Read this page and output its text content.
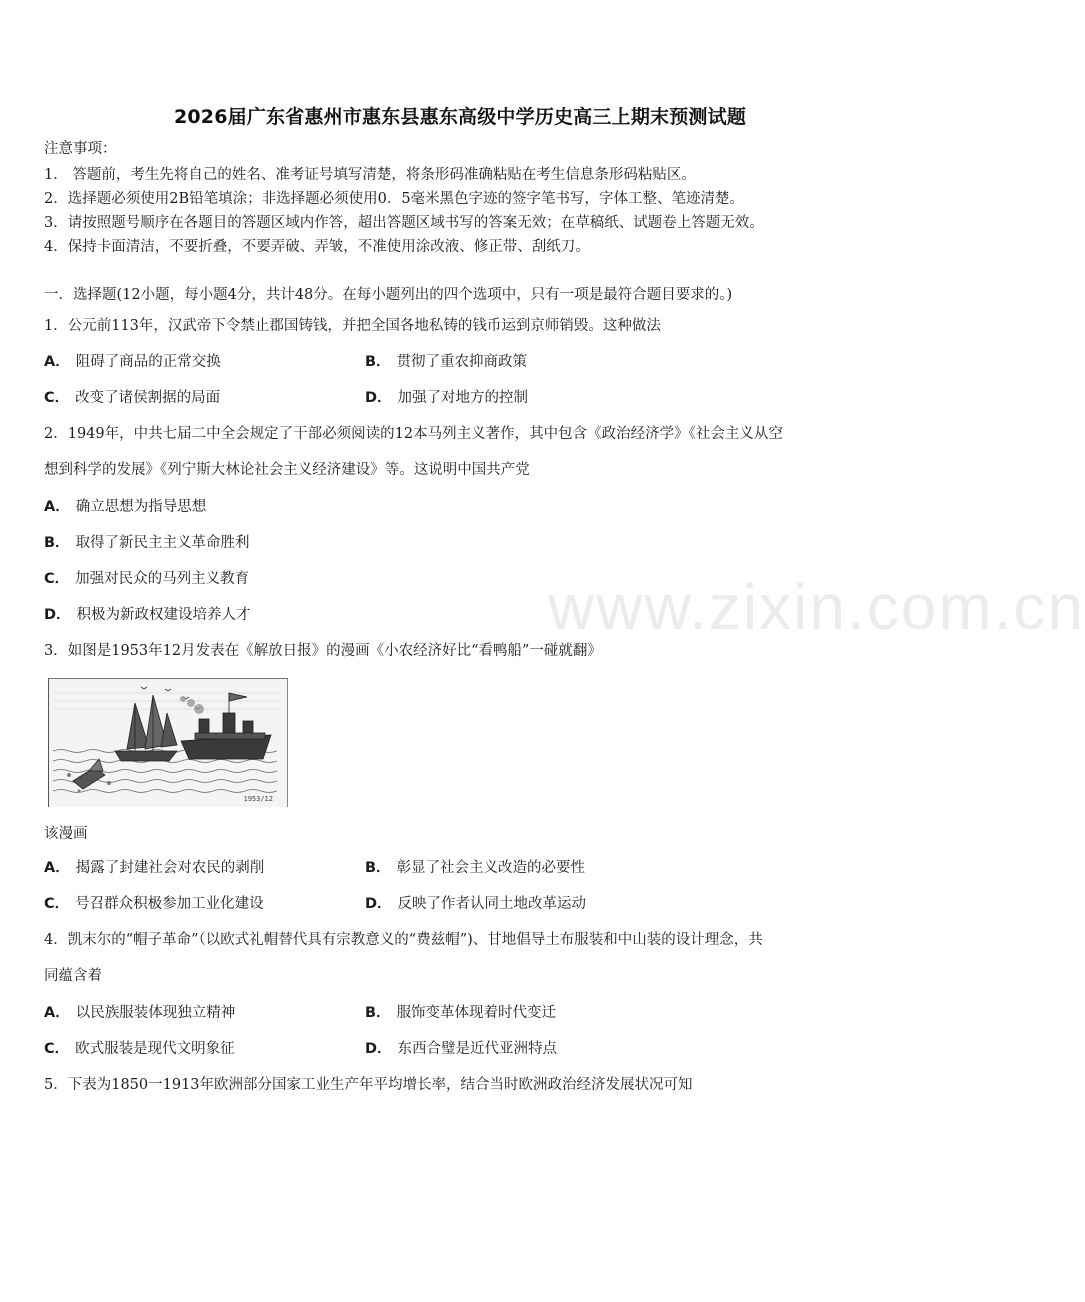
2026届广东省惠州市惠东县惠东高级中学历史高三上期末预测试题
注意事项：
1． 答题前，考生先将自己的姓名、准考证号填写清楚，将条形码准确粘贴在考生信息条形码粘贴区。
2．选择题必须使用2B铅笔填涂；非选择题必须使用0．5毫米黑色字迹的签字笔书写，字体工整、笔迹清楚。
3．请按照题号顺序在各题目的答题区域内作答，超出答题区域书写的答案无效；在草稿纸、试题卷上答题无效。
4．保持卡面清洁，不要折叠，不要弄破、弄皱，不准使用涂改液、修正带、刮纸刀。
一．选择题(12小题，每小题4分，共计48分。在每小题列出的四个选项中，只有一项是最符合题目要求的。)
1．公元前113年，汉武帝下令禁止郡国铸钱，并把全国各地私铸的钱币运到京师销毁。这种做法
A． 阻碍了商品的正常交换	B． 贯彻了重农抑商政策
C． 改变了诸侯割据的局面	D． 加强了对地方的控制
2．1949年，中共七届二中全会规定了干部必须阅读的12本马列主义著作，其中包含《政治经济学》《社会主义从空
想到科学的发展》《列宁斯大林论社会主义经济建设》等。这说明中国共产党
A． 确立思想为指导思想
B． 取得了新民主主义革命胜利
C． 加强对民众的马列主义教育
D． 积极为新政权建设培养人才	www.zixin.com.cn
3．如图是1953年12月发表在《解放日报》的漫画《小农经济好比“看鸭船”一碰就翻》
1953/12
该漫画
A． 揭露了封建社会对农民的剥削	B． 彰显了社会主义改造的必要性
C． 号召群众积极参加工业化建设	D． 反映了作者认同土地改革运动
4．凯末尔的“帽子革命”（以欧式礼帽替代具有宗教意义的“费兹帽”)、甘地倡导土布服装和中山装的设计理念，共
同蕴含着
A． 以民族服装体现独立精神	B． 服饰变革体现着时代变迁
C． 欧式服装是现代文明象征	D． 东西合璧是近代亚洲特点
5．下表为1850一1913年欧洲部分国家工业生产年平均增长率，结合当时欧洲政治经济发展状况可知
